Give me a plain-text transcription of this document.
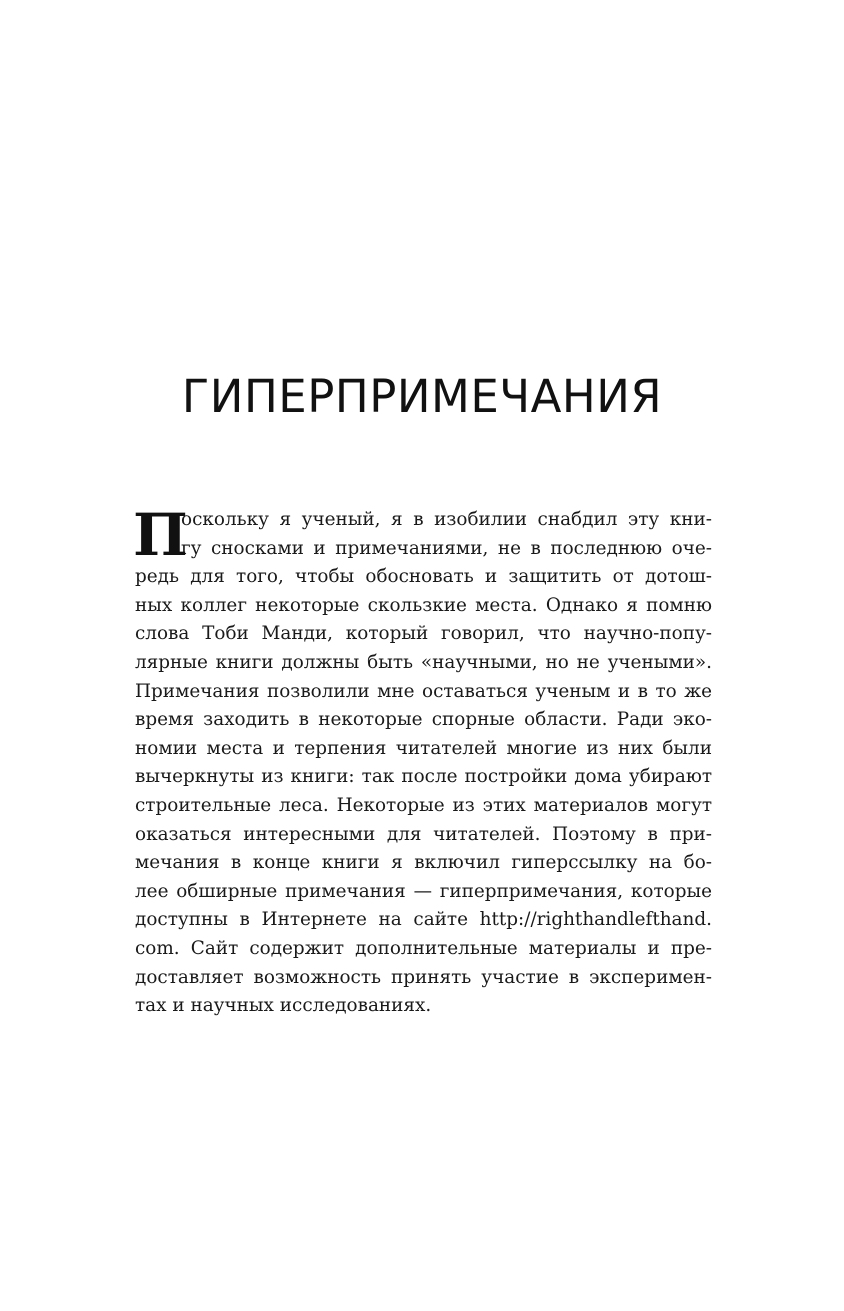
ГИПЕРПРИМЕЧАНИЯ
П
оскольку я ученый, я в изобилии снабдил эту кни-
гу сносками и примечаниями, не в последнюю оче-
редь для того, чтобы обосновать и защитить от дотош-
ных коллег некоторые скользкие места. Однако я помню
слова Тоби Манди, который говорил, что научно-попу-
лярные книги должны быть «научными, но не учеными».
Примечания позволили мне оставаться ученым и в то же
время заходить в некоторые спорные области. Ради эко-
номии места и терпения читателей многие из них были
вычеркнуты из книги: так после постройки дома убирают
строительные леса. Некоторые из этих материалов могут
оказаться интересными для читателей. Поэтому в при-
мечания в конце книги я включил гиперссылку на бо-
лее обширные примечания — гиперпримечания, которые
доступны в Интернете на сайте http://righthandlefthand.
com. Сайт содержит дополнительные материалы и пре-
доставляет возможность принять участие в эксперимен-
тах и научных исследованиях.
